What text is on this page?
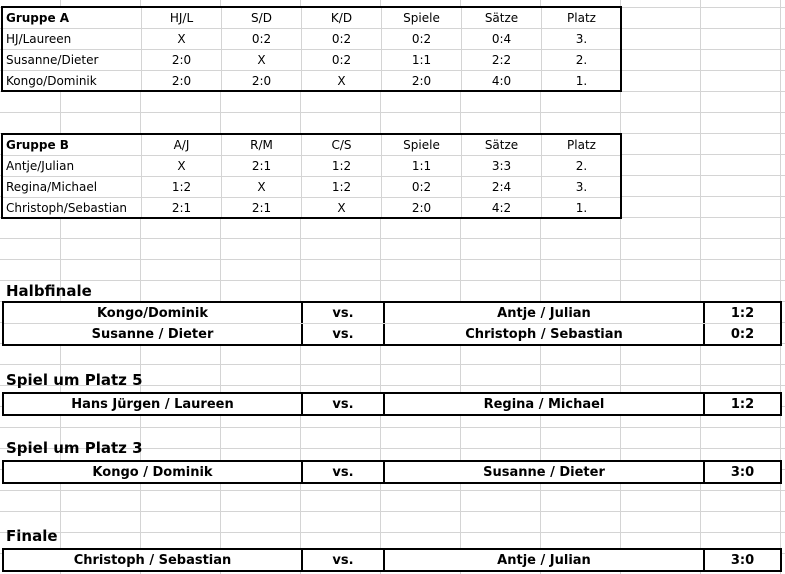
Gruppe A	HJ/L	S/D	K/D	Spiele	Sätze	Platz
HJ/Laureen	X	0:2	0:2	0:2	0:4	3.
Susanne/Dieter	2:0	X	0:2	1:1	2:2	2.
Kongo/Dominik	2:0	2:0	X	2:0	4:0	1.
Gruppe B	A/J	R/M	C/S	Spiele	Sätze	Platz
Antje/Julian	X	2:1	1:2	1:1	3:3	2.
Regina/Michael	1:2	X	1:2	0:2	2:4	3.
Christoph/Sebastian	2:1	2:1	X	2:0	4:2	1.
Halbfinale
Kongo/Dominik	vs.	Antje / Julian	1:2
Susanne / Dieter	vs.	Christoph / Sebastian	0:2
Spiel um Platz 5
Hans Jürgen / Laureen	vs.	Regina / Michael	1:2
Spiel um Platz 3
Kongo / Dominik	vs.	Susanne / Dieter	3:0
Finale
Christoph / Sebastian	vs.	Antje / Julian	3:0
